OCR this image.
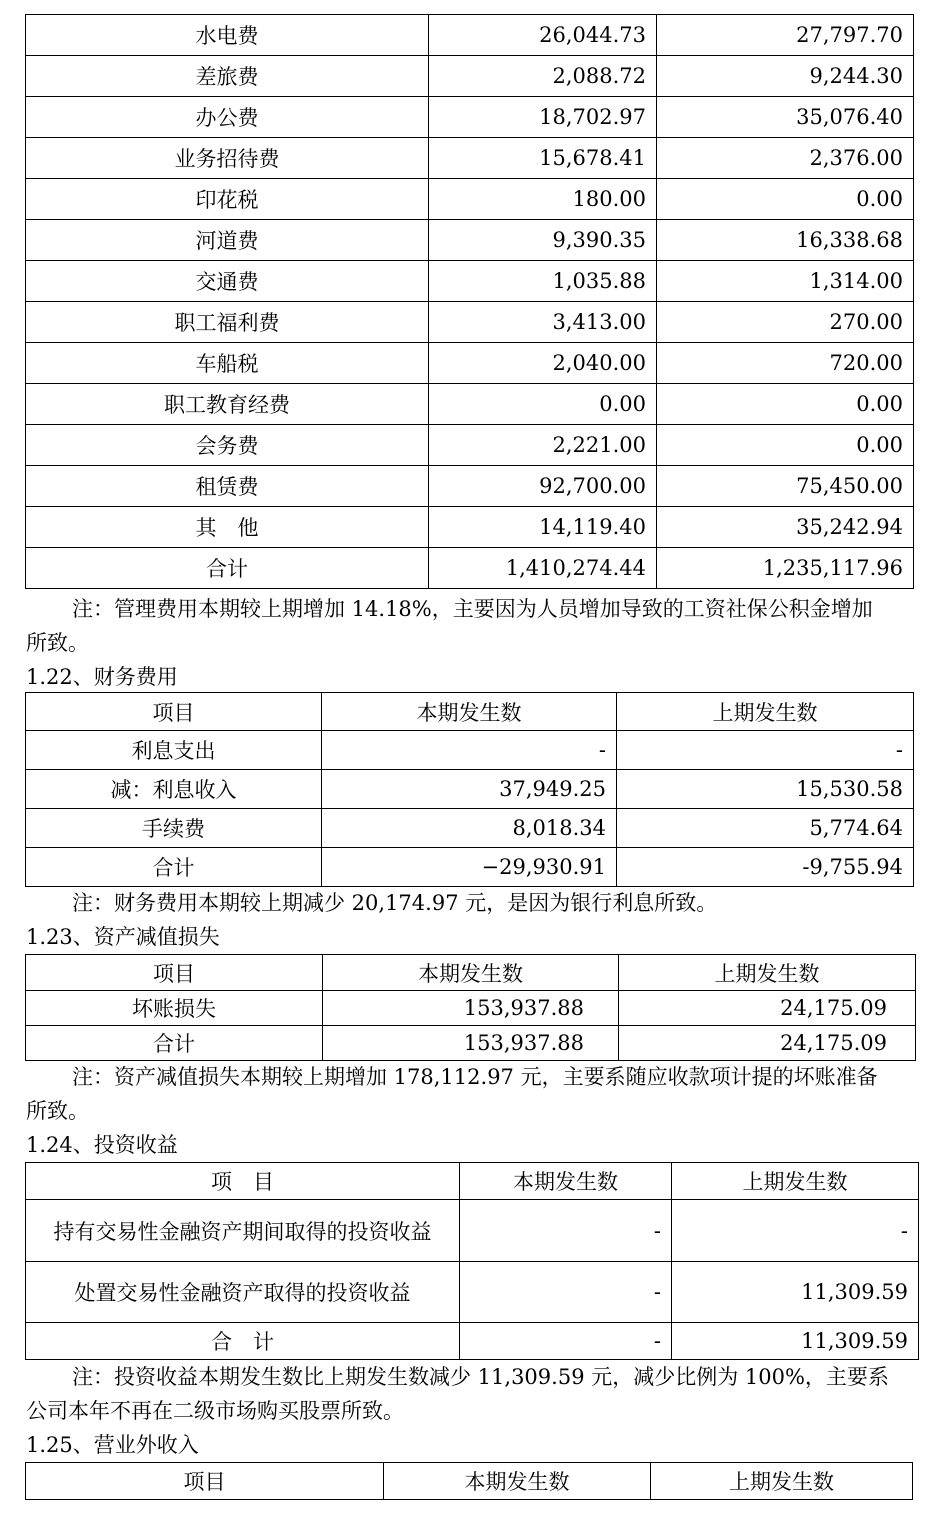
水电费	26,044.73	27,797.70
差旅费	2,088.72	9,244.30
办公费	18,702.97	35,076.40
业务招待费	15,678.41	2,376.00
印花税	180.00	0.00
河道费	9,390.35	16,338.68
交通费	1,035.88	1,314.00
职工福利费	3,413.00	270.00
车船税	2,040.00	720.00
职工教育经费	0.00	0.00
会务费	2,221.00	0.00
租赁费	92,700.00	75,450.00
其　他	14,119.40	35,242.94
合计	1,410,274.44	1,235,117.96
注：管理费用本期较上期增加 14.18%，主要因为人员增加导致的工资社保公积金增加
所致。
1.22、财务费用
项目	本期发生数	上期发生数
利息支出	-	-
减：利息收入	37,949.25	15,530.58
手续费	8,018.34	5,774.64
合计	−29,930.91	-9,755.94
注：财务费用本期较上期减少 20,174.97 元，是因为银行利息所致。
1.23、资产减值损失
项目	本期发生数	上期发生数
坏账损失	153,937.88	24,175.09
合计	153,937.88	24,175.09
注：资产减值损失本期较上期增加 178,112.97 元，主要系随应收款项计提的坏账准备
所致。
1.24、投资收益
项　目	本期发生数	上期发生数
持有交易性金融资产期间取得的投资收益	-	-
处置交易性金融资产取得的投资收益	-	11,309.59
合　计	-	11,309.59
注：投资收益本期发生数比上期发生数减少 11,309.59 元，减少比例为 100%，主要系
公司本年不再在二级市场购买股票所致。
1.25、营业外收入
项目	本期发生数	上期发生数
